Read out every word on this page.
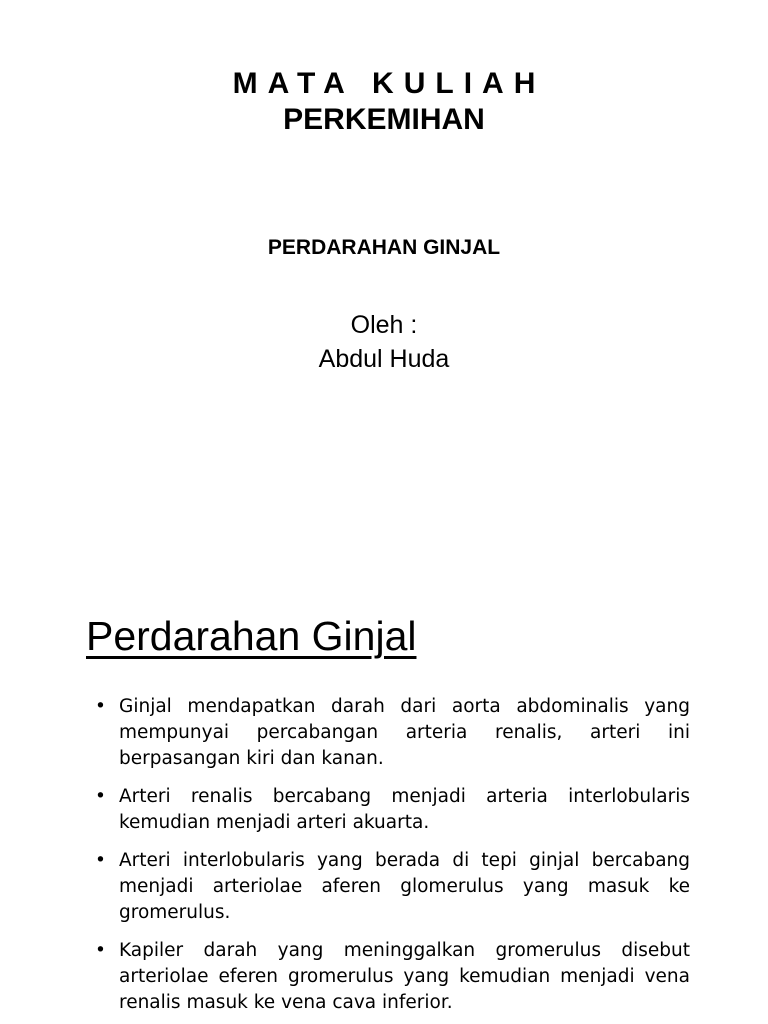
MATA KULIAH
PERKEMIHAN
PERDARAHAN GINJAL
Oleh :
Abdul Huda
Perdarahan Ginjal
• Ginjal mendapatkan darah dari aorta abdominalis yang mempunyai percabangan arteria renalis, arteri ini berpasangan kiri dan kanan.
• Arteri renalis bercabang menjadi arteria interlobularis kemudian menjadi arteri akuarta.
• Arteri interlobularis yang berada di tepi ginjal bercabang menjadi arteriolae aferen glomerulus yang masuk ke gromerulus.
• Kapiler darah yang meninggalkan gromerulus disebut arteriolae eferen gromerulus yang kemudian menjadi vena renalis masuk ke vena cava inferior.
